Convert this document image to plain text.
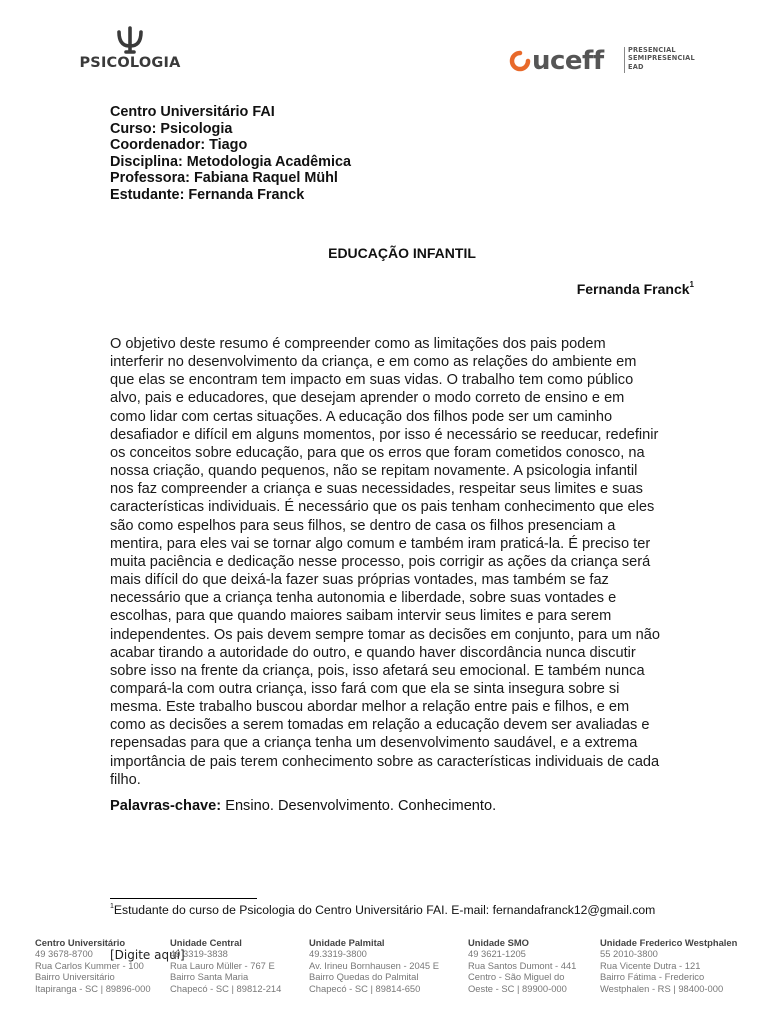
PSICOLOGIA	uceff	PRESENCIAL
SEMIPRESENCIAL
EAD
Centro Universitário FAI
Curso: Psicologia
Coordenador: Tiago
Disciplina: Metodologia Acadêmica
Professora: Fabiana Raquel Mühl
Estudante: Fernanda Franck
EDUCAÇÃO INFANTIL
Fernanda Franck$^1$

O objetivo deste resumo é compreender como as limitações dos pais podem

interferir no desenvolvimento da criança, e em como as relações do ambiente em

que elas se encontram tem impacto em suas vidas. O trabalho tem como público

alvo, pais e educadores, que desejam aprender o modo correto de ensino e em

como lidar com certas situações. A educação dos filhos pode ser um caminho

desafiador e difícil em alguns momentos, por isso é necessário se reeducar, redefinir

os conceitos sobre educação, para que os erros que foram cometidos conosco, na

nossa criação, quando pequenos, não se repitam novamente. A psicologia infantil

nos faz compreender a criança e suas necessidades, respeitar seus limites e suas

características individuais. É necessário que os pais tenham conhecimento que eles

são como espelhos para seus filhos, se dentro de casa os filhos presenciam a

mentira, para eles vai se tornar algo comum e também iram praticá-la. É preciso ter

muita paciência e dedicação nesse processo, pois corrigir as ações da criança será

mais difícil do que deixá-la fazer suas próprias vontades, mas também se faz

necessário que a criança tenha autonomia e liberdade, sobre suas vontades e

escolhas, para que quando maiores saibam intervir seus limites e para serem

independentes. Os pais devem sempre tomar as decisões em conjunto, para um não

acabar tirando a autoridade do outro, e quando haver discordância nunca discutir

sobre isso na frente da criança, pois, isso afetará seu emocional. E também nunca

compará-la com outra criança, isso fará com que ela se sinta insegura sobre si

mesma. Este trabalho buscou abordar melhor a relação entre pais e filhos, e em

como as decisões a serem tomadas em relação a educação devem ser avaliadas e

repensadas para que a criança tenha um desenvolvimento saudável, e a extrema

importância de pais terem conhecimento sobre as características individuais de cada

filho.

Palavras-chave: Ensino. Desenvolvimento. Conhecimento.
$^1$Estudante do curso de Psicologia do Centro Universitário FAI. E-mail: fernandafranck12@gmail.com
Centro Universitário
49 3678-8700
Rua Carlos Kummer - 100
Bairro Universitário
Itapiranga - SC | 89896-000
Unidade Central
49 3319-3838
Rua Lauro Müller - 767 E
Bairro Santa Maria
Chapecó - SC | 89812-214
Unidade Palmital
49.3319-3800
Av. Irineu Bornhausen - 2045 E
Bairro Quedas do Palmital
Chapecó - SC | 89814-650
Unidade SMO
49 3621-1205
Rua Santos Dumont - 441
Centro - São Miguel do
Oeste - SC | 89900-000
Unidade Frederico Westphalen
55 2010-3800
Rua Vicente Dutra - 121
Bairro Fátima - Frederico
Westphalen - RS | 98400-000
[Digite aqui]
